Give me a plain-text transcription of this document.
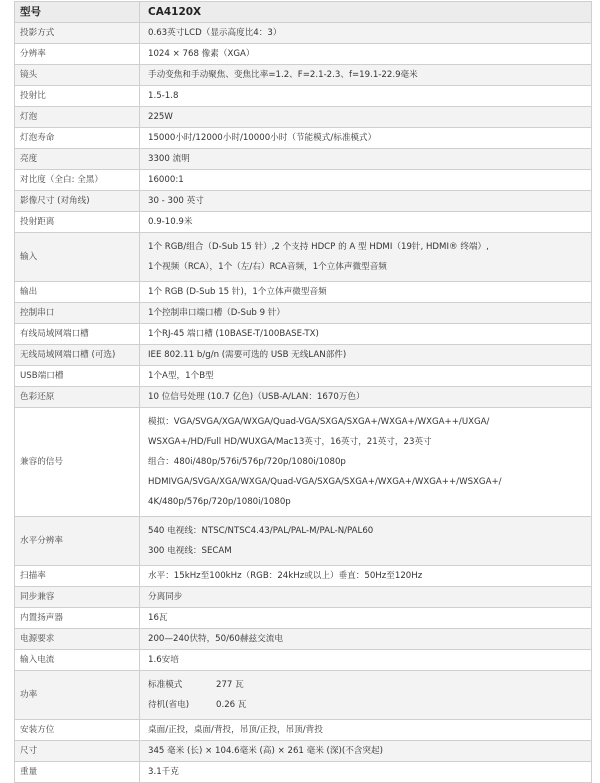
型号	CA4120X
投影方式	0.63英寸LCD（显示高度比4：3）
分辨率	1024 × 768 像素（XGA）
镜头	手动变焦和手动聚焦、变焦比率=1.2、F=2.1-2.3、f=19.1-22.9毫米
投射比	1.5-1.8
灯泡	225W
灯泡寿命	15000小时/12000小时/10000小时（节能模式/标准模式）
亮度	3300 流明
对比度（全白: 全黑）	16000:1
影像尺寸 (对角线)	30 - 300 英寸
投射距离	0.9-10.9米
输入	1个 RGB/组合（D-Sub 15 针）,2 个支持 HDCP 的 A 型 HDMI（19针, HDMI® 终端）,
1个视频（RCA），1个（左/右）RCA音频，1个立体声微型音频

输出	1个 RGB (D-Sub 15 针)，1个立体声微型音频
控制串口	1个控制串口端口槽（D-Sub 9 针）
有线局域网端口槽	1个RJ-45 端口槽 (10BASE-T/100BASE-TX)
无线局域网端口槽 (可选)	IEE 802.11 b/g/n (需要可选的 USB 无线LAN部件)
USB端口槽	1个A型，1个B型
色彩还原	10 位信号处理 (10.7 亿色)（USB-A/LAN：1670万色）
兼容的信号	模拟：VGA/SVGA/XGA/WXGA/Quad-VGA/SXGA/SXGA+/WXGA+/WXGA++/UXGA/
WSXGA+/HD/Full HD/WUXGA/Mac13英寸，16英寸，21英寸，23英寸
组合：480i/480p/576i/576p/720p/1080i/1080p
HDMIVGA/SVGA/XGA/WXGA/Quad-VGA/SXGA/SXGA+/WXGA+/WXGA++/WSXGA+/
4K/480p/576p/720p/1080i/1080p

水平分辨率	540 电视线：NTSC/NTSC4.43/PAL/PAL-M/PAL-N/PAL60
300 电视线：SECAM

扫描率	水平：15kHz至100kHz（RGB：24kHz或以上）垂直：50Hz至120Hz
同步兼容	分离同步
内置扬声器	16瓦
电源要求	200—240伏特，50/60赫兹交流电
输入电流	1.6安培
功率	标准模式 277 瓦
待机(省电) 0.26 瓦

安装方位	桌面/正投，桌面/背投，吊顶/正投，吊顶/背投
尺寸	345 毫米 (长) × 104.6毫米 (高) × 261 毫米 (深)(不含突起)
重量	3.1千克
